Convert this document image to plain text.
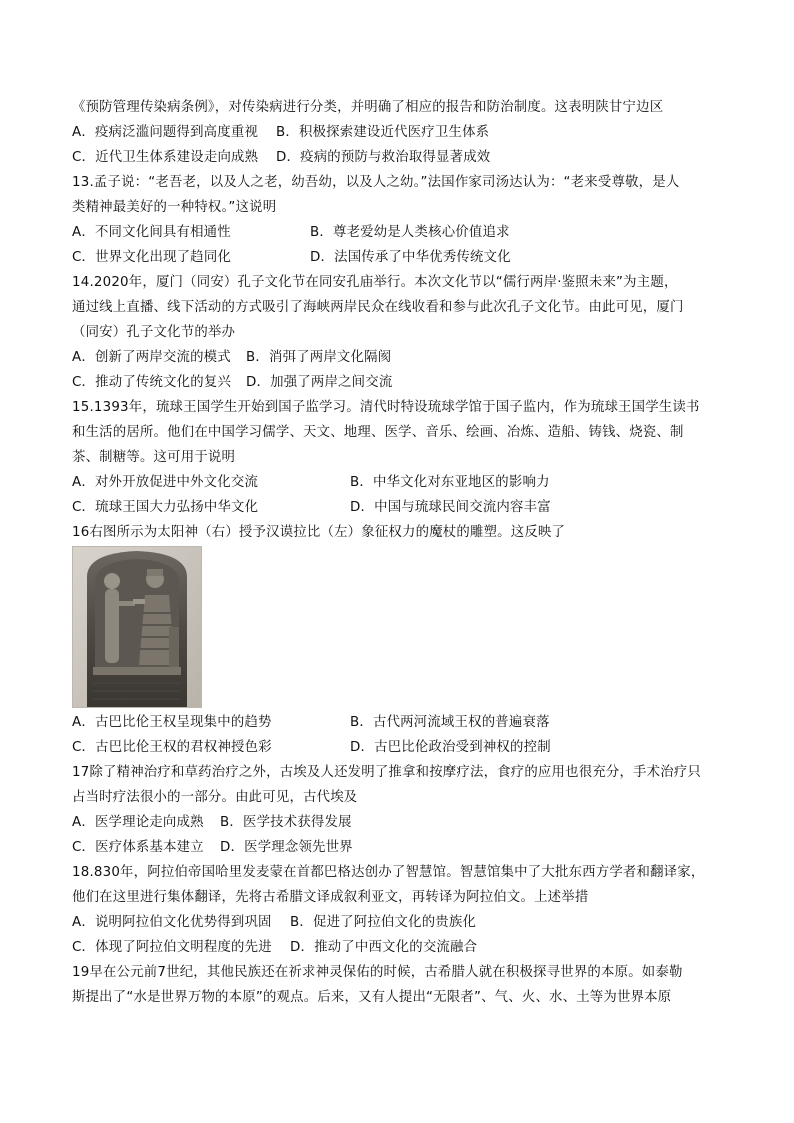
《预防管理传染病条例》，对传染病进行分类，并明确了相应的报告和防治制度。这表明陕甘宁边区
A．疫病泛滥问题得到高度重视 B．积极探索建设近代医疗卫生体系
C．近代卫生体系建设走向成熟 D．疫病的预防与救治取得显著成效
13.孟子说：“老吾老，以及人之老，幼吾幼，以及人之幼。”法国作家司汤达认为：“老来受尊敬，是人
类精神最美好的一种特权。”这说明
A．不同文化间具有相通性	B．尊老爱幼是人类核心价值追求
C．世界文化出现了趋同化	D．法国传承了中华优秀传统文化
14.2020年，厦门（同安）孔子文化节在同安孔庙举行。本次文化节以“儒行两岸·鉴照未来”为主题，
通过线上直播、线下活动的方式吸引了海峡两岸民众在线收看和参与此次孔子文化节。由此可见，厦门
（同安）孔子文化节的举办
A．创新了两岸交流的模式 B．消弭了两岸文化隔阂
C．推动了传统文化的复兴 D．加强了两岸之间交流
15.1393年，琉球王国学生开始到国子监学习。清代时特设琉球学馆于国子监内，作为琉球王国学生读书
和生活的居所。他们在中国学习儒学、天文、地理、医学、音乐、绘画、冶炼、造船、铸钱、烧瓷、制
茶、制糖等。这可用于说明
A．对外开放促进中外文化交流	B．中华文化对东亚地区的影响力
C．琉球王国大力弘扬中华文化	D．中国与琉球民间交流内容丰富
16右图所示为太阳神（右）授予汉谟拉比（左）象征权力的魔杖的雕塑。这反映了
A．古巴比伦王权呈现集中的趋势	B．古代两河流域王权的普遍衰落
C．古巴比伦王权的君权神授色彩	D．古巴比伦政治受到神权的控制
17除了精神治疗和草药治疗之外，古埃及人还发明了推拿和按摩疗法，食疗的应用也很充分，手术治疗只
占当时疗法很小的一部分。由此可见，古代埃及
A．医学理论走向成熟 B．医学技术获得发展
C．医疗体系基本建立 D．医学理念领先世界
18.830年，阿拉伯帝国哈里发麦蒙在首都巴格达创办了智慧馆。智慧馆集中了大批东西方学者和翻译家，
他们在这里进行集体翻译，先将古希腊文译成叙利亚文，再转译为阿拉伯文。上述举措
A．说明阿拉伯文化优势得到巩固 B．促进了阿拉伯文化的贵族化
C．体现了阿拉伯文明程度的先进 D．推动了中西文化的交流融合
19早在公元前7世纪，其他民族还在祈求神灵保佑的时候，古希腊人就在积极探寻世界的本原。如泰勒
斯提出了“水是世界万物的本原”的观点。后来，又有人提出“无限者”、气、火、水、土等为世界本原
